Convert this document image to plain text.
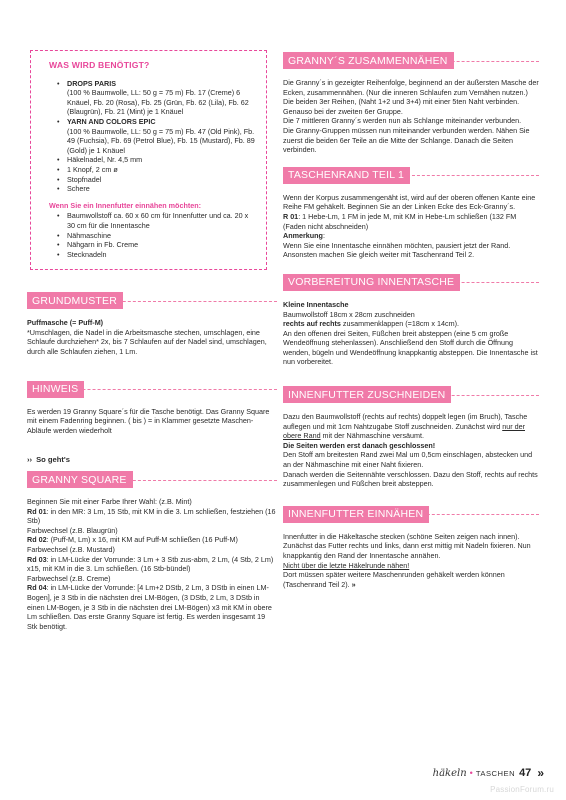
WAS WIRD BENÖTIGT?
• DROPS PARIS
(100 % Baumwolle, LL: 50 g = 75 m) Fb. 17 (Creme) 6 Knäuel, Fb. 20 (Rosa), Fb. 25 (Grün, Fb. 62 (Lila), Fb. 62 (Blaugrün), Fb. 21 (Mint) je 1 Knäuel
• YARN AND COLORS EPIC
(100 % Baumwolle, LL: 50 g = 75 m) Fb. 47 (Old Pink), Fb. 49 (Fuchsia), Fb. 69 (Petrol Blue), Fb. 15 (Mustard), Fb. 89 (Gold) je 1 Knäuel
• Häkelnadel, Nr. 4,5 mm
• 1 Knopf, 2 cm ø
• Stopfnadel
• Schere
Wenn Sie ein Innenfutter einnähen möchten:
• Baumwollstoff ca. 60 x 60 cm für Innenfutter und ca. 20 x 30 cm für die Innentasche
• Nähmaschine
• Nähgarn in Fb. Creme
• Stecknadeln
GRUNDMUSTER
Puffmasche (= Puff-M)
*Umschlagen, die Nadel in die Arbeitsmasche stechen, umschlagen, eine Schlaufe durchziehen* 2x, bis 7 Schlaufen auf der Nadel sind, umschlagen, durch alle Schlaufen ziehen, 1 Lm.
HINWEIS
Es werden 19 Granny Square´s für die Tasche benötigt. Das Granny Square mit einem Fadenring beginnen. ( bis ) = in Klammer gesetzte Maschen-Abläufe werden wiederholt
›› So geht's
GRANNY SQUARE
Beginnen Sie mit einer Farbe Ihrer Wahl: (z.B. Mint)
Rd 01: in den MR: 3 Lm, 15 Stb, mit KM in die 3. Lm schließen, festziehen (16 Stb)
Farbwechsel (z.B. Blaugrün)
Rd 02: (Puff-M, Lm) x 16, mit KM auf Puff-M schließen (16 Puff-M)
Farbwechsel (z.B. Mustard)
Rd 03: in LM-Lücke der Vorrunde: 3 Lm + 3 Stb zus-abm, 2 Lm, (4 Stb, 2 Lm) x15, mit KM in die 3. Lm schließen. (16 Stb-bündel)
Farbwechsel (z.B. Creme)
Rd 04: in LM-Lücke der Vorrunde: [4 Lm+2 DStb, 2 Lm, 3 DStb in einen LM-Bogen], je 3 Stb in die nächsten drei LM-Bögen, (3 DStb, 2 Lm, 3 DStb in einen LM-Bogen, je 3 Stb in die nächsten drei LM-Bögen) x3 mit KM in obere Lm schließen. Das erste Granny Square ist fertig. Es werden insgesamt 19 Stk benötigt.
GRANNY´S ZUSAMMENNÄHEN
Die Granny´s in gezeigter Reihenfolge, beginnend an der äußersten Masche der Ecken, zusammennähen. (Nur die inneren Schlaufen zum Vernähen nutzen.)
Die beiden 3er Reihen, (Naht 1+2 und 3+4) mit einer 5ten Naht verbinden.
Genauso bei der zweiten 6er Gruppe.
Die 7 mittleren Granny´s werden nun als Schlange miteinander verbunden.
Die Granny-Gruppen müssen nun miteinander verbunden werden. Nähen Sie zuerst die beiden 6er Teile an die Mitte der Schlange. Danach die Seiten verbinden.
TASCHENRAND TEIL 1
Wenn der Korpus zusammengenäht ist, wird auf der oberen offenen Kante eine Reihe FM gehäkelt. Beginnen Sie an der Linken Ecke des Eck-Granny´s.
R 01: 1 Hebe-Lm, 1 FM in jede M, mit KM in Hebe-Lm schließen (132 FM (Faden nicht abschneiden)
Anmerkung:
Wenn Sie eine Innentasche einnähen möchten, pausiert jetzt der Rand. Ansonsten machen Sie gleich weiter mit Taschenrand Teil 2.
VORBEREITUNG INNENTASCHE
Kleine Innentasche
Baumwollstoff 18cm x 28cm zuschneiden
rechts auf rechts zusammenklappen (=18cm x 14cm).
An den offenen drei Seiten, Füßchen breit absteppen (eine 5 cm große Wendeöffnung stehenlassen). Anschließend den Stoff durch die Öffnung wenden, bügeln und Wendeöffnung knappkantig absteppen. Die Innentasche ist nun vorbereitet.
INNENFUTTER ZUSCHNEIDEN
Dazu den Baumwollstoff (rechts auf rechts) doppelt legen (im Bruch), Tasche auflegen und mit 1cm Nahtzugabe Stoff zuschneiden. Zunächst wird nur der obere Rand mit der Nähmaschine versäumt.
Die Seiten werden erst danach geschlossen!
Den Stoff am breitesten Rand zwei Mal um 0,5cm einschlagen, abstecken und an der Nähmaschine mit einer Naht fixieren.
Danach werden die Seitennähte verschlossen. Dazu den Stoff, rechts auf rechts zusammenlegen und Füßchen breit absteppen.
INNENFUTTER EINNÄHEN
Innenfutter in die Häkeltasche stecken (schöne Seiten zeigen nach innen). Zunächst das Futter rechts und links, dann erst mittig mit Nadeln fixieren. Nun knappkantig den Rand der Innentasche annähen.
Nicht über die letzte Häkelrunde nähen!
Dort müssen später weitere Maschenrunden gehäkelt werden können (Taschenrand Teil 2). »
häkeln • TASCHEN 47 »
PassionForum.ru
